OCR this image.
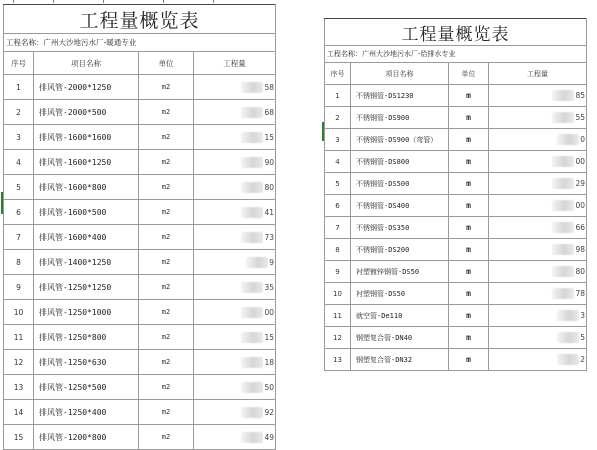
工程量概览表			
工程名称：广州大沙地污水厂-暖通专业			
序号	项目名称	单位	工程量
1	排风管-2000*1250	m2	58
2	排风管-2000*500	m2	68
3	排风管-1600*1600	m2	15
4	排风管-1600*1250	m2	90
5	排风管-1600*800	m2	80
6	排风管-1600*500	m2	41
7	排风管-1600*400	m2	73
8	排风管-1400*1250	m2	9
9	排风管-1250*1250	m2	35
10	排风管-1250*1000	m2	00
11	排风管-1250*800	m2	15
12	排风管-1250*630	m2	18
13	排风管-1250*500	m2	50
14	排风管-1250*400	m2	92
15	排风管-1200*800	m2	49
工程量概览表			
工程名称：广州大沙地污水厂-给排水专业			
序号	项目名称	单位	工程量
1	不锈钢管-DS1230	m	85
2	不锈钢管-DS900	m	55
3	不锈钢管-DS900（弯管）	m	0
4	不锈钢管-DS800	m	00
5	不锈钢管-DS500	m	29
6	不锈钢管-DS400	m	00
7	不锈钢管-DS350	m	66
8	不锈钢管-DS200	m	98
9	衬塑镀锌钢管-DS50	m	80
10	衬塑钢管-DS50	m	78
11	就空管-De110	m	3
12	钢塑复合管-DN40	m	5
13	钢塑复合管-DN32	m	2
